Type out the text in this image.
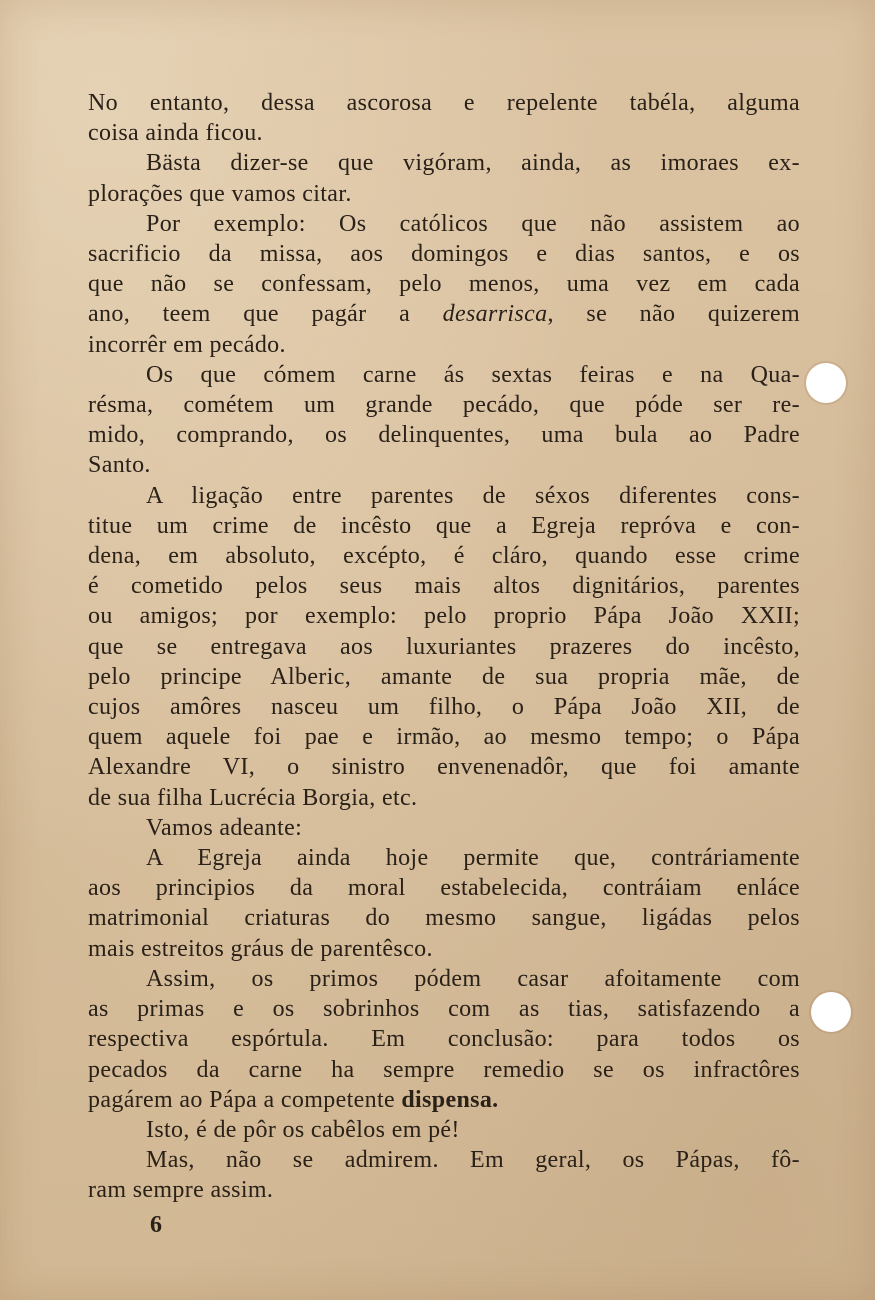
No entanto, dessa ascorosa e repelente tabéla, alguma
coisa ainda ficou.
Bästa dizer-se que vigóram, ainda, as imoraes ex-
plorações que vamos citar.
Por exemplo: Os católicos que não assistem ao
sacrificio da missa, aos domingos e dias santos, e os
que não se confessam, pelo menos, uma vez em cada
ano, teem que pagár a desarrisca, se não quizerem
incorrêr em pecádo.
Os que cómem carne ás sextas feiras e na Qua-
résma, cométem um grande pecádo, que póde ser re-
mido, comprando, os delinquentes, uma bula ao Padre
Santo.
A ligação entre parentes de séxos diferentes cons-
titue um crime de incêsto que a Egreja repróva e con-
dena, em absoluto, excépto, é cláro, quando esse crime
é cometido pelos seus mais altos dignitários, parentes
ou amigos; por exemplo: pelo proprio Pápa João XXII;
que se entregava aos luxuriantes prazeres do incêsto,
pelo principe Alberic, amante de sua propria mãe, de
cujos amôres nasceu um filho, o Pápa João XII, de
quem aquele foi pae e irmão, ao mesmo tempo; o Pápa
Alexandre VI, o sinistro envenenadôr, que foi amante
de sua filha Lucrécia Borgia, etc.
Vamos adeante:
A Egreja ainda hoje permite que, contráriamente
aos principios da moral estabelecida, contráiam enláce
matrimonial criaturas do mesmo sangue, ligádas pelos
mais estreitos gráus de parentêsco.
Assim, os primos pódem casar afoitamente com
as primas e os sobrinhos com as tias, satisfazendo a
respectiva espórtula. Em conclusão: para todos os
pecados da carne ha sempre remedio se os infractôres
pagárem ao Pápa a competente dispensa.
Isto, é de pôr os cabêlos em pé!
Mas, não se admirem. Em geral, os Pápas, fô-
ram sempre assim.
6
